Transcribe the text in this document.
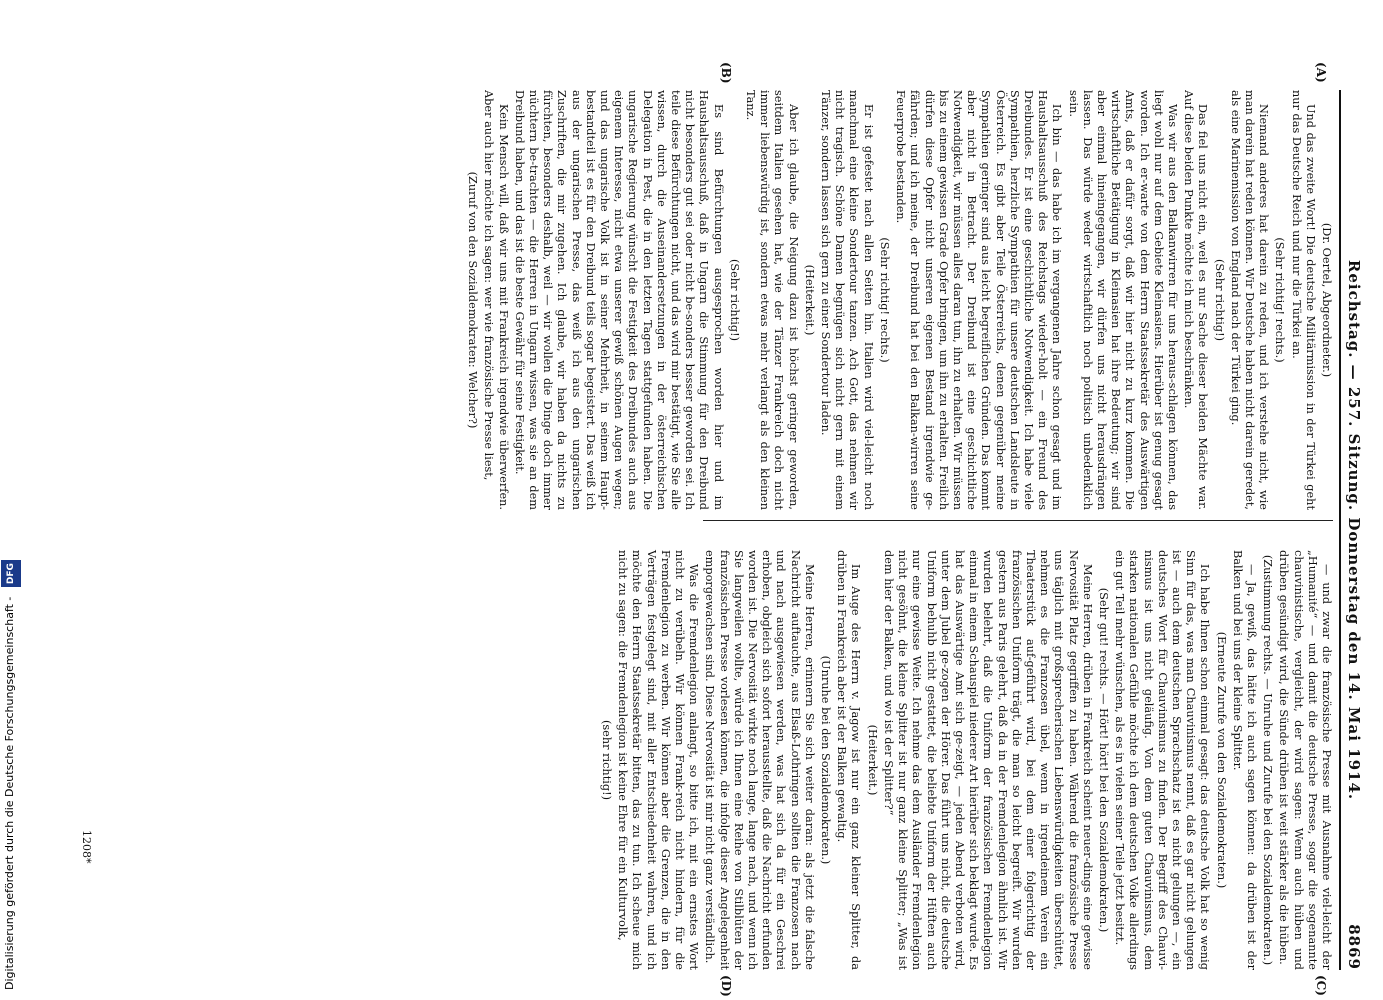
Reichstag. — 257. Sitzung. Donnerstag den 14. Mai 1914.
8869
(A)
(B)
(C)
(D)

(Dr. Oertel, Abgeordneter.)

Und das zweite Wort! Die deutsche Militärmission in der Türkei geht nur das Deutsche Reich und nur die Türkei an.

(Sehr richtig! rechts.)

Niemand anderes hat darein zu reden, und ich verstehe nicht, wie man darein hat reden können. Wir Deutsche haben nicht darein geredet, als eine Marinemission von England nach der Türkei ging.

(Sehr richtig!)

Das fiel uns nicht ein, weil es nur Sache dieser beiden Mächte war. Auf diese beiden Punkte möchte ich mich beschränken.

Was wir aus den Balkanwirren für uns heraus-schlagen können, das liegt wohl nur auf dem Gebiete Kleinasiens. Hierüber ist genug gesagt worden. Ich er-warte von dem Herrn Staatssekretär des Auswärtigen Amts, daß er dafür sorgt, daß wir hier nicht zu kurz kommen. Die wirtschaftliche Betätigung in Kleinasien hat ihre Bedeutung; wir sind aber einmal hineingegangen, wir dürfen uns nicht herausdrängen lassen. Das würde weder wirtschaftlich noch politisch unbedenklich sein.

Ich bin — das habe ich im vergangenen Jahre schon gesagt und im Haushaltsausschuß des Reichstags wieder-holt — ein Freund des Dreibundes. Er ist eine geschichtliche Notwendigkeit. Ich habe viele Sympathien, herzliche Sympathien für unsere deutschen Landsleute in Österreich. Es gibt aber Teile Österreichs, denen gegenüber meine Sympathien geringer sind aus leicht begreiflichen Gründen. Das kommt aber nicht in Betracht. Der Dreibund ist eine geschichtliche Notwendigkeit, wir müssen alles daran tun, ihn zu erhalten. Wir müssen bis zu einem gewissen Grade Opfer bringen, um ihn zu erhalten. Freilich dürfen diese Opfer nicht unseren eigenen Bestand irgendwie ge-fährden; und ich meine, der Dreibund hat bei den Balkan-wirren seine Feuerprobe bestanden.

(Sehr richtig! rechts.)

Er ist gefestet nach allen Seiten hin. Italien wird viel-leicht noch manchmal eine kleine Sondertour tanzen. Ach Gott, das nehmen wir nicht tragisch. Schöne Damen begnügen sich nicht gern mit einem Tänzer, sondern lassen sich gern zu einer Sondertour laden.

(Heiterkeit.)

Aber ich glaube, die Neigung dazu ist höchst geringer geworden, seitdem Italien gesehen hat, wie der Tänzer Frankreich doch nicht immer liebenswürdig ist, sondern etwas mehr verlangt als den kleinen Tanz.

(Sehr richtig!)

Es sind Befürchtungen ausgesprochen worden hier und im Haushaltsausschuß, daß in Ungarn die Stimmung für den Dreibund nicht besonders gut sei oder nicht be-sonders besser geworden sei. Ich teile diese Befürchtungen nicht, und das wird mir bestätigt, wie Sie alle wissen, durch die Auseinandersetzungen in der österreichischen Delegation in Pest, die in den letzten Tagen stattgefunden haben. Die ungarische Regierung wünscht die Festigkeit des Dreibundes auch aus eigenem Interesse, nicht etwa unserer gewiß schönen Augen wegen; und das ungarische Volk ist in seiner Mehrheit, in seinem Haupt-bestandteil ist es für den Dreibund teils sogar begeistert. Das weiß ich aus der ungarischen Presse, das weiß ich aus den ungarischen Zuschriften, die mir zugehen. Ich glaube, wir haben da nichts zu fürchten, besonders deshalb, weil — wir wollen die Dinge doch immer nüchtern be-trachten — die Herren in Ungarn wissen, was sie an dem Dreibund haben, und das ist die beste Gewähr für seine Festigkeit.

Kein Mensch will, daß wir uns mit Frankreich irgendwie überwerfen. Aber auch hier möchte ich sagen: wer wie französische Presse liest,

(Zuruf von den Sozialdemokraten: Welcher?)

— und zwar die französische Presse mit Ausnahme viel-leicht der „Humanité“ — und damit die deutsche Presse, sogar die sogenannte chauvinistische, vergleicht, der wird sagen: Wenn auch hüben und drüben gesündigt wird, die Sünde drüben ist weit stärker als die hüben.

(Zustimmung rechts. — Unruhe und Zurufe bei den Sozialdemokraten.)

— Ja, gewiß, das hätte ich auch sagen können: da drüben ist der Balken und bei uns der kleine Splitter.

(Erneute Zurufe von den Sozialdemokraten.)

Ich habe Ihnen schon einmal gesagt: das deutsche Volk hat so wenig Sinn für das, was man Chauvinismus nennt, daß es gar nicht gelungen ist — auch dem deutschen Sprachschatz ist es nicht gelungen —, ein deutsches Wort für Chauvinismus zu finden. Der Begriff des Chauvi-nismus ist uns nicht geläufig. Von dem guten Chauvinismus, dem starken nationalen Gefühle möchte ich dem deutschen Volke allerdings ein gut Teil mehr wünschen, als es in vielen seiner Teile jetzt besitzt.

(Sehr gut! rechts. — Hört! hört! bei den Sozialdemokraten.)

Meine Herren, drüben in Frankreich scheint neuer-dings eine gewisse Nervosität Platz gegriffen zu haben. Während die französische Presse uns täglich mit großsprecherischen Liebenswürdigkeiten überschüttet, nehmen es die Franzosen übel, wenn in irgendeinem Verein ein Theaterstück auf-geführt wird, bei dem einer folgerichtig der französischen Uniform trägt, die man so leicht begreift. Wir wurden gestern aus Paris gelehrt, daß da in der Fremdenlegion ähnlich ist. Wir wurden belehrt, daß die Uniform der französischen Fremdenlegion einmal in einem Schauspiel niederer Art hierüber sich beklagt wurde. Es hat das Auswärtige Amt sich ge-zeigt, — jeden Abend verboten wird, unter dem Jubel ge-zogen der Hörer. Das führt uns nicht, die deutsche Uniform behuhb nicht gestattet, die beliebte Uniform der Hüften auch nur eine gewisse Weite. Ich nehme das dem Ausländer Fremdenlegion nicht gesöhnt, die kleine Splitter ist nur ganz kleine Splitter; „Was ist dem hier der Balken, und wo ist der Splitter?“

(Heiterkeit.)

Im Auge des Herrn v. Jagow ist nur ein ganz kleiner Splitter, da drüben in Frankreich aber ist der Balken gewaltig.

(Unruhe bei den Sozialdemokraten.)

Meine Herren, erinnern Sie sich weiter daran: als jetzt die falsche Nachricht auftauchte, aus Elsaß-Lothringen sollten die Franzosen nach und nach ausgewiesen werden, was hat sich da für ein Geschrei erhoben, obgleich sich sofort herausstellte, daß die Nachricht erfunden worden ist. Die Nervosität wirkte noch lange, lange nach, und wenn ich Sie langweilen wollte, würde ich Ihnen eine Reihe von Stilblüten der französischen Presse vorlesen können, die infolge dieser Angelegenheit emporgewachsen sind. Diese Nervosität ist mir nicht ganz verständlich.

Was die Fremdenlegion anlangt, so bitte ich, mit ein ernstes Wort nicht zu verübeln. Wir können Frank-reich nicht hindern, für die Fremdenlegion zu werben. Wir können aber die Grenzen, die in den Verträgen festgelegt sind, mit aller Entschiedenheit wahren, und ich möchte den Herrn Staatssekretär bitten, das zu tun. Ich scheue mich nicht zu sagen: die Fremdenlegion ist keine Ehre für ein Kulturvolk,

(sehr richtig!)

1208*
Digitalisierung gefördert durch die Deutsche Forschungsgemeinschaft - DFG
